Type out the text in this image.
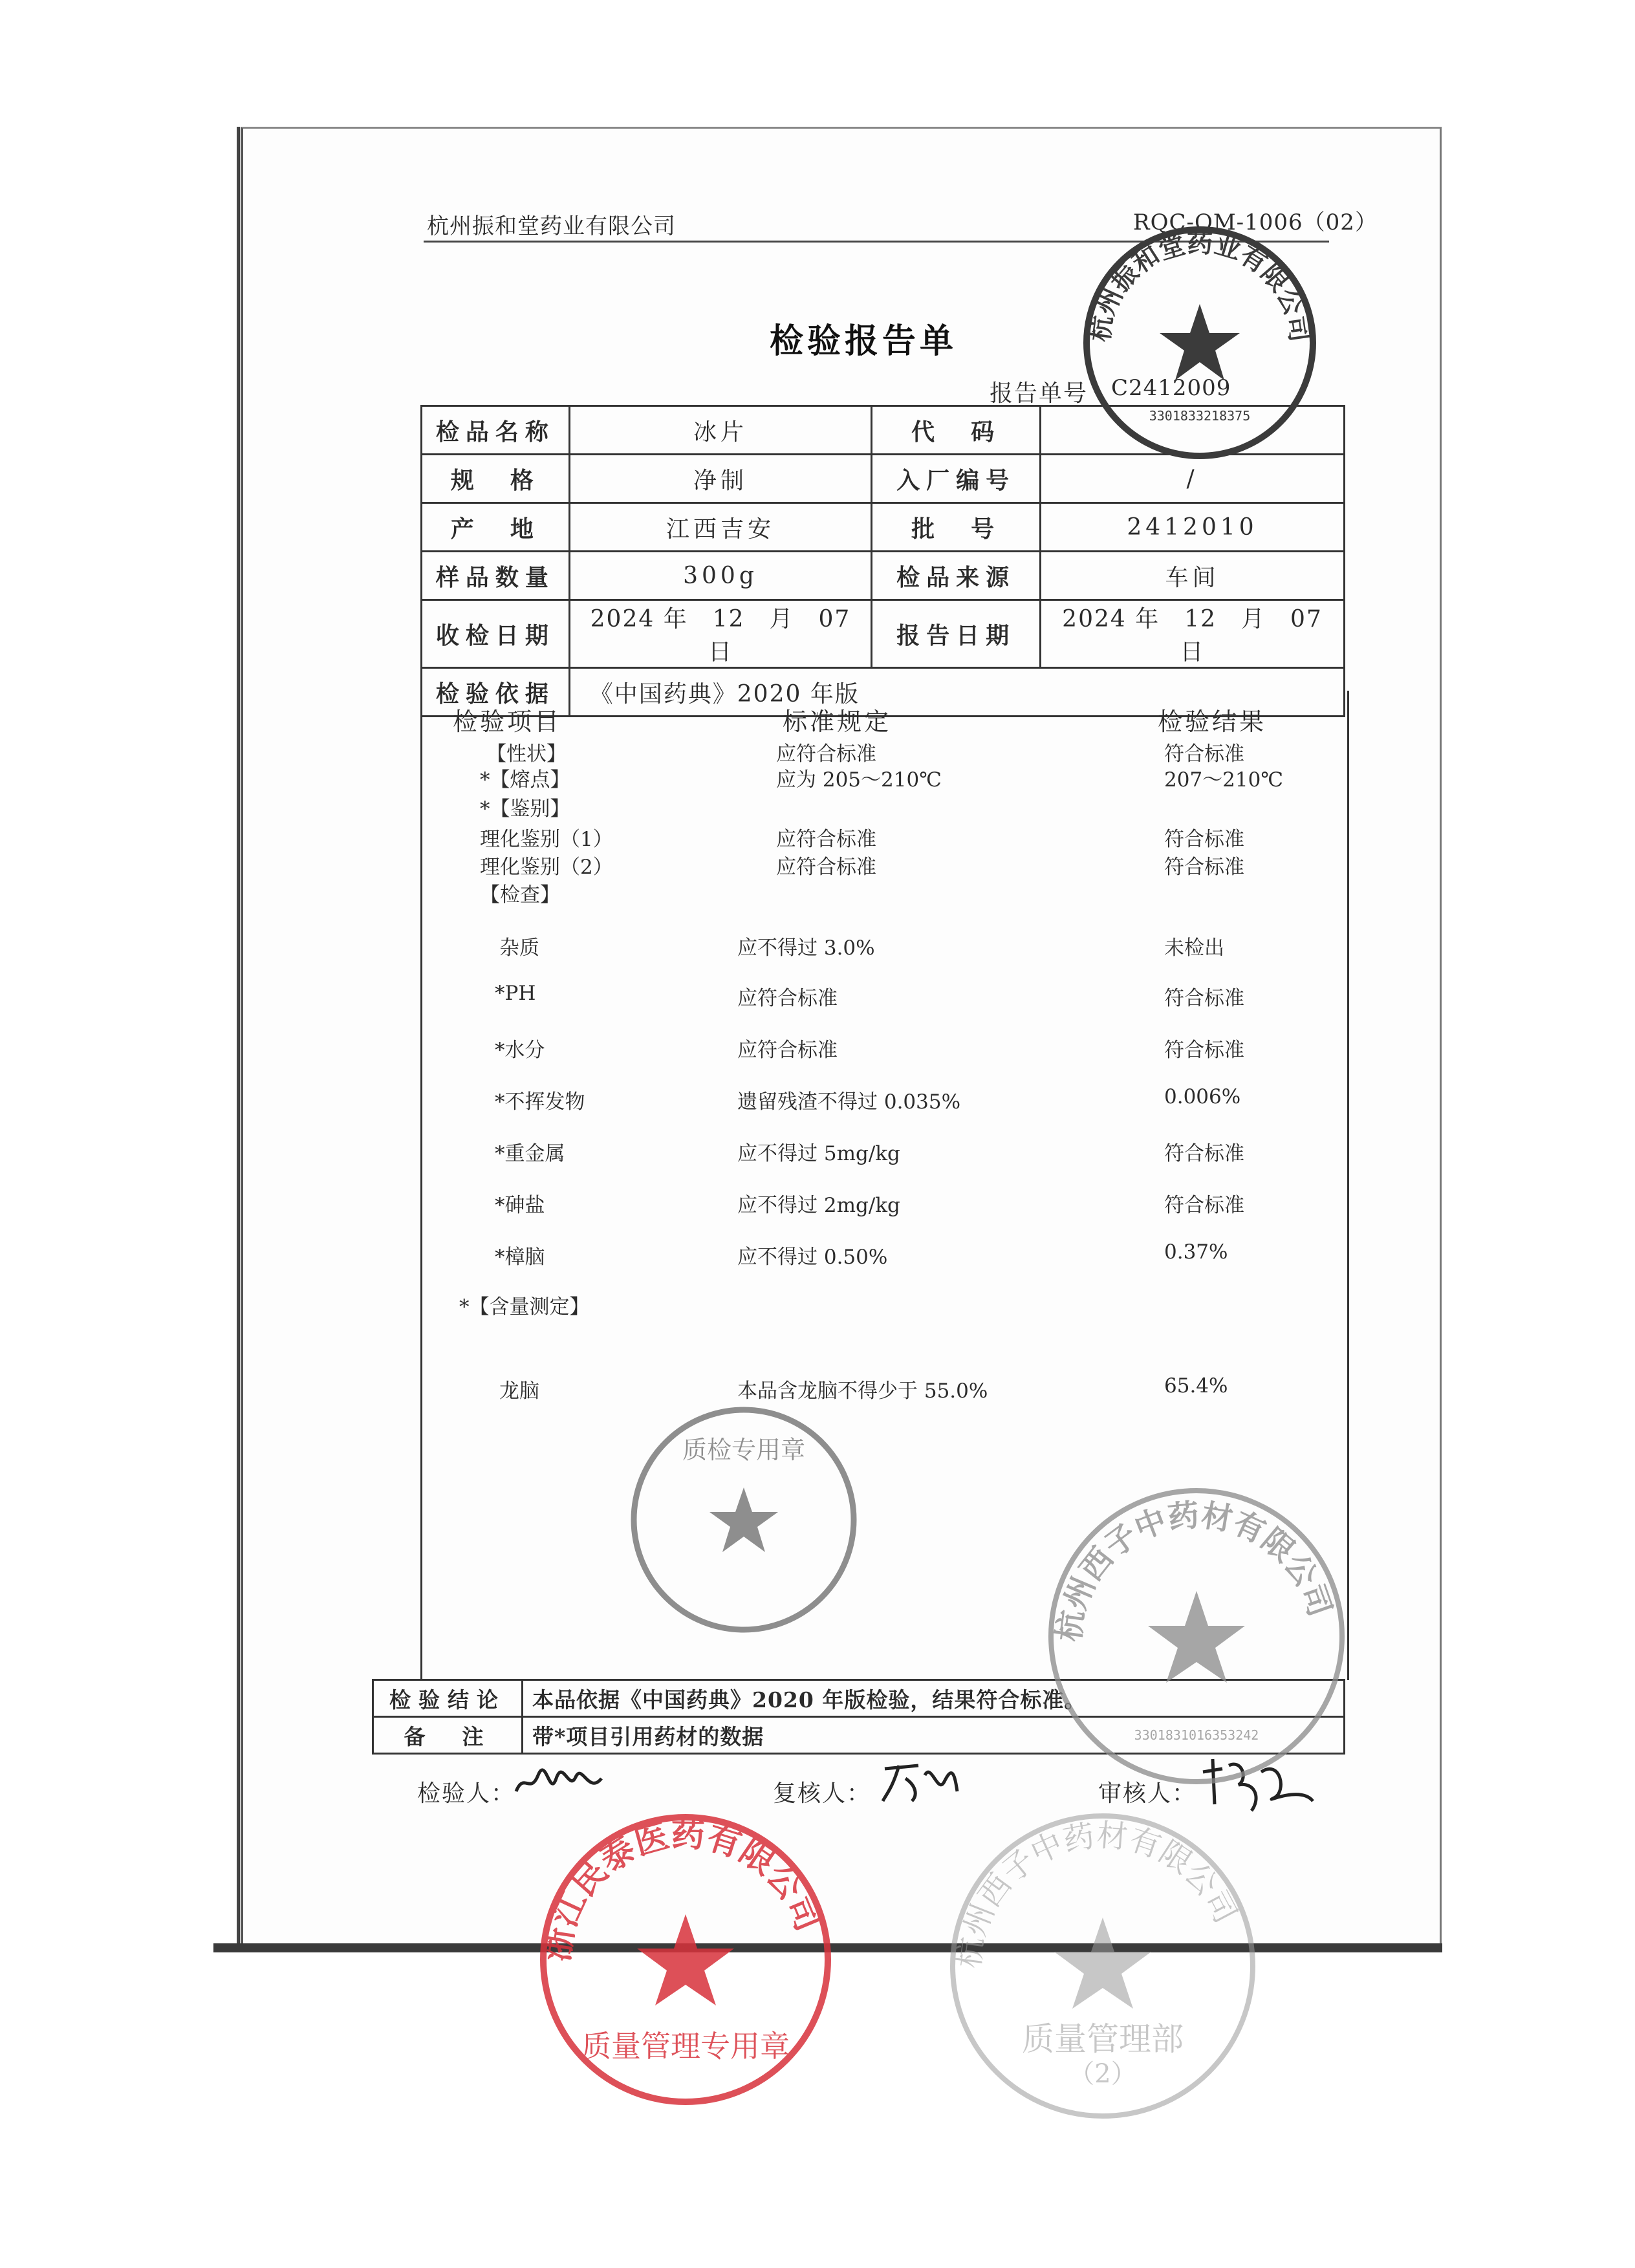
杭州振和堂药业有限公司	RQC-OM-1006（02）
检验报告单
报告单号 C2412009
检品名称	冰片	代　码	
规　格	净制	入厂编号	/
产　地	江西吉安	批　号	2412010
样品数量	300g	检品来源	车间
收检日期	2024 年　12　月　07　日	报告日期	2024 年　12　月　07　日
检验依据	《中国药典》2020 年版		
检验项目	标准规定	检验结果
【性状】	应符合标准	符合标准
*【熔点】	应为 205～210℃	207～210℃
*【鉴别】
理化鉴别（1）	应符合标准	符合标准
理化鉴别（2）	应符合标准	符合标准
【检查】
杂质	应不得过 3.0%	未检出
*PH	应符合标准	符合标准
*水分	应符合标准	符合标准
*不挥发物	遗留残渣不得过 0.035%	0.006%
*重金属	应不得过 5mg/kg	符合标准
*砷盐	应不得过 2mg/kg	符合标准
*樟脑	应不得过 0.50%	0.37%
*【含量测定】
龙脑	本品含龙脑不得少于 55.0%	65.4%
检验结论	本品依据《中国药典》2020 年版检验，结果符合标准。
备　注	带*项目引用药材的数据
检验人：	复核人：	审核人：
杭州振和堂药业有限公司
3301833218375
质检专用章
杭州西子中药材有限公司
3301831016353242
浙江民泰医药有限公司
质量管理专用章
杭州西子中药材有限公司
质量管理部
（2）
